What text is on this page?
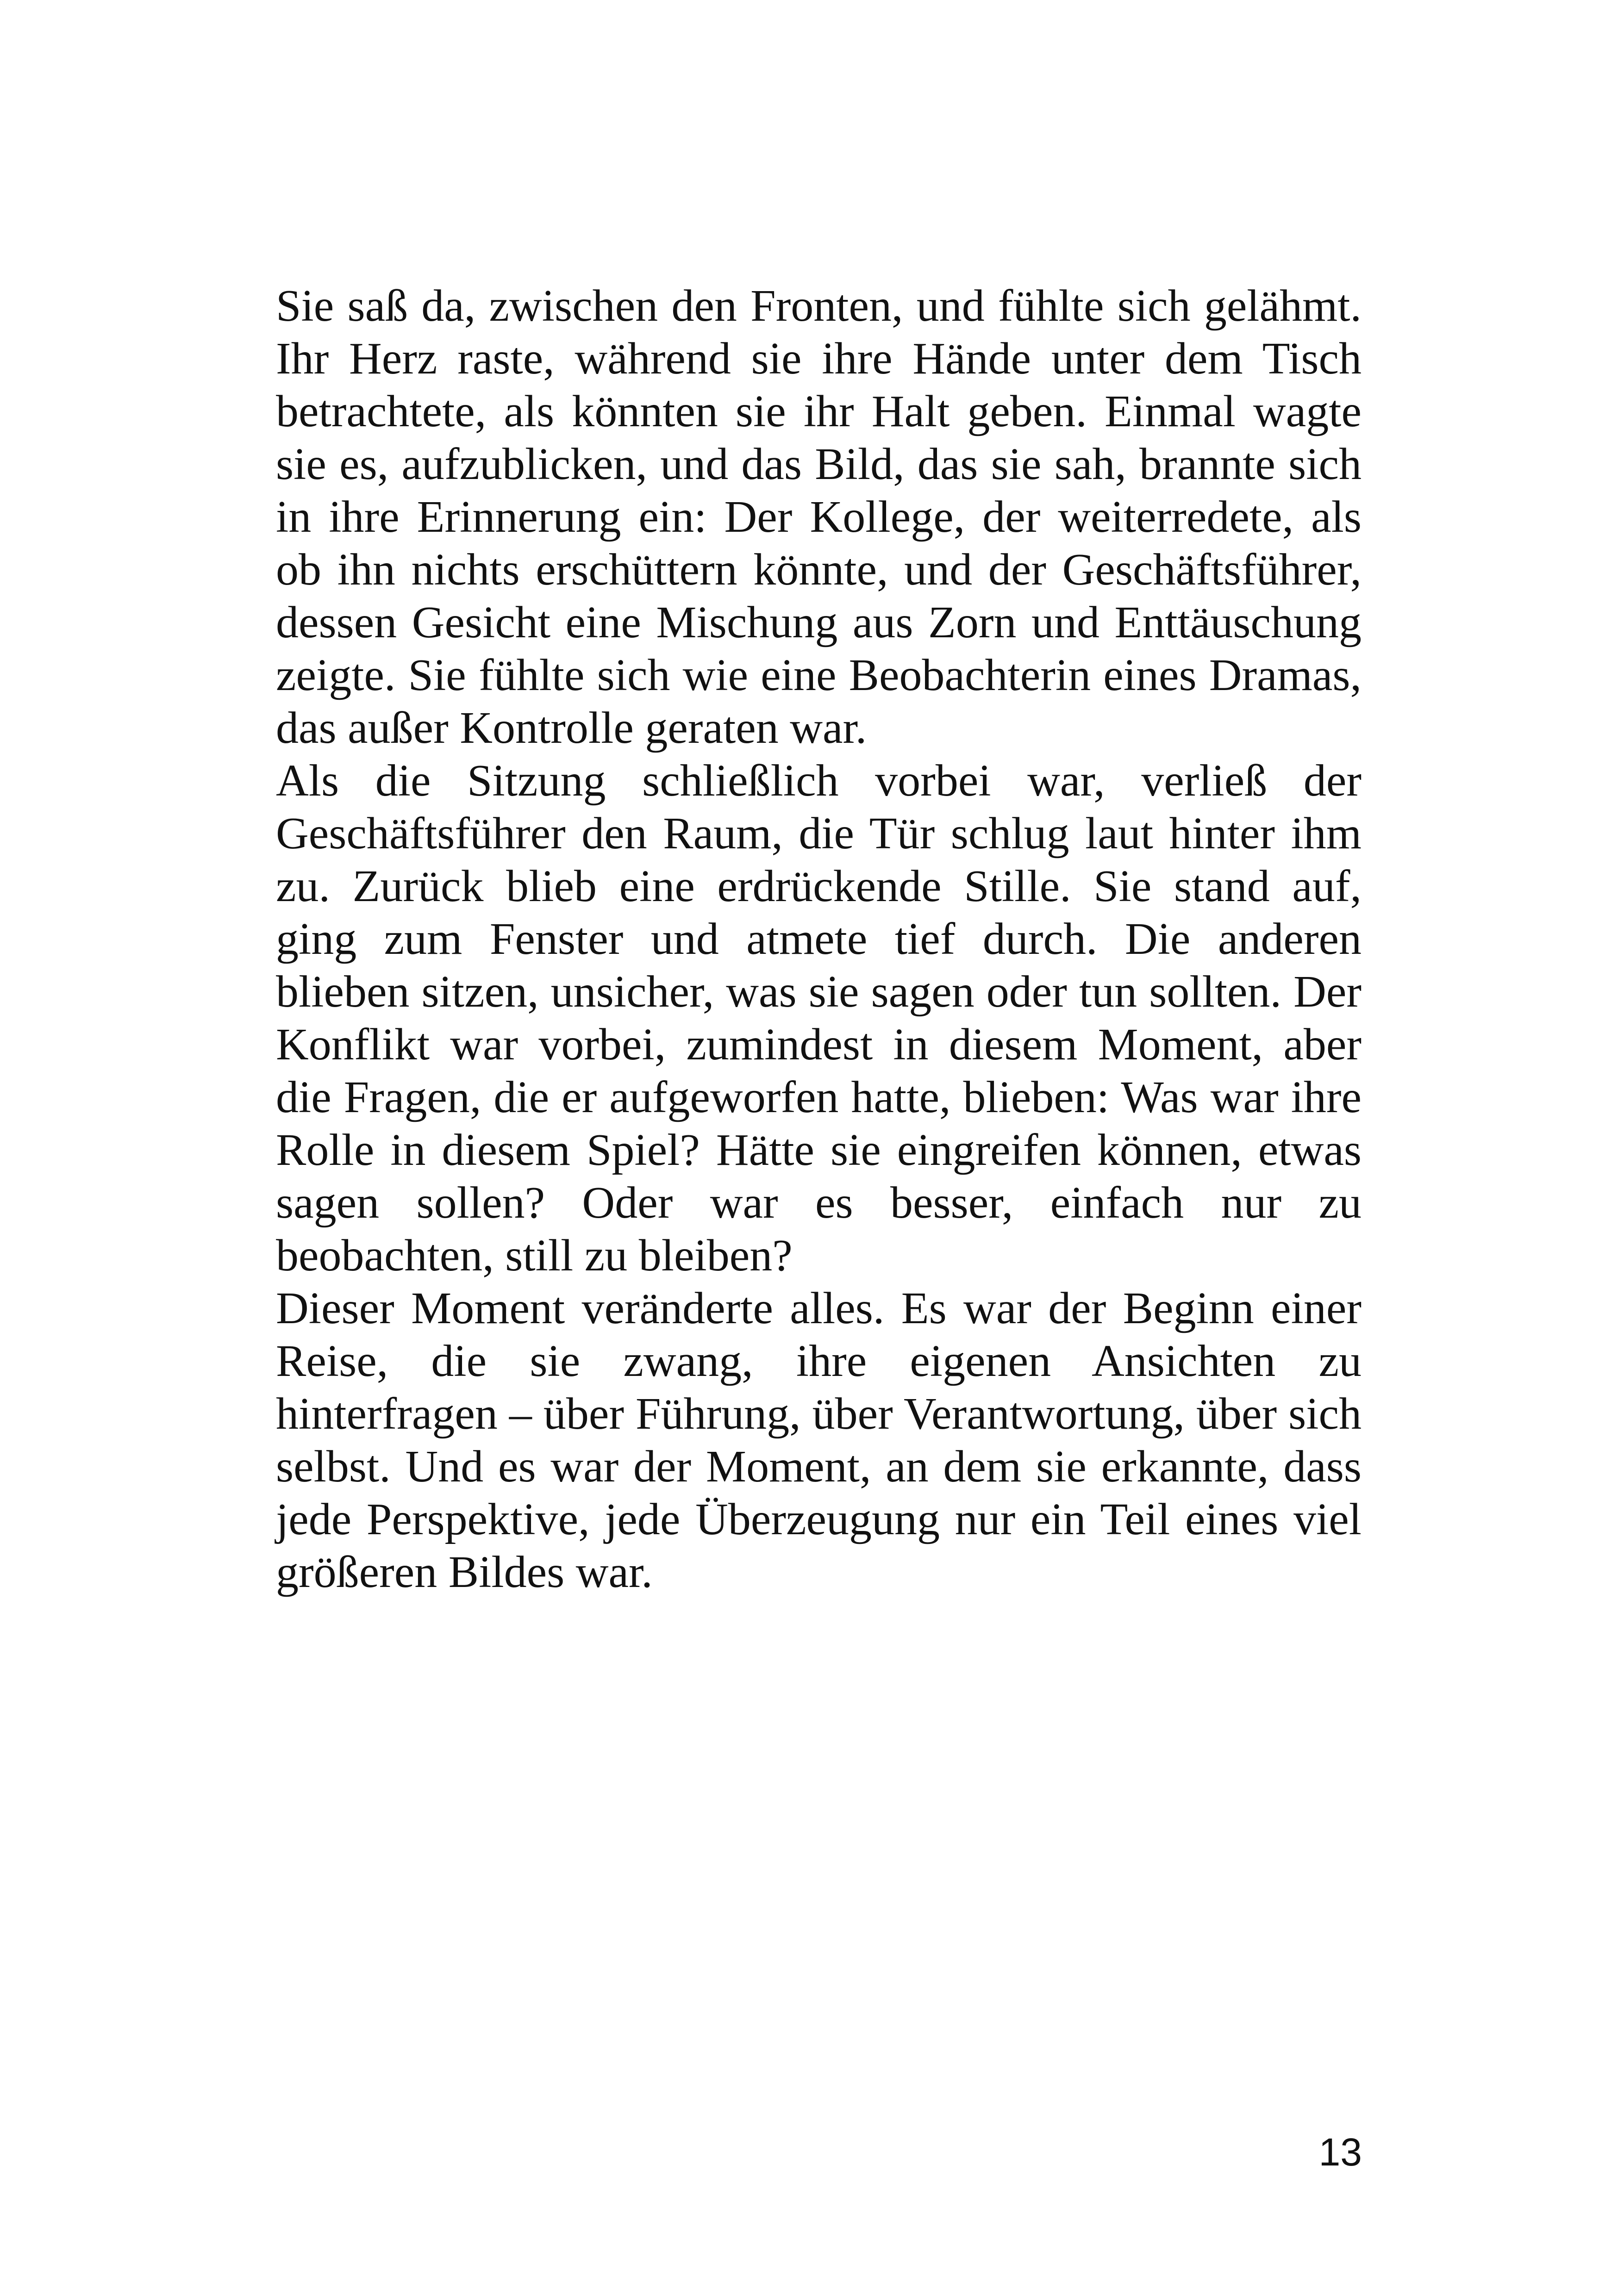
Sie saß da, zwischen den Fronten, und fühlte sich gelähmt. Ihr Herz raste, während sie ihre Hände unter dem Tisch betrachtete, als könnten sie ihr Halt geben. Einmal wagte sie es, aufzublicken, und das Bild, das sie sah, brannte sich in ihre Erinnerung ein: Der Kollege, der weiterredete, als ob ihn nichts erschüttern könnte, und der Geschäftsführer, dessen Gesicht eine Mischung aus Zorn und Enttäuschung zeigte. Sie fühlte sich wie eine Beobachterin eines Dramas, das außer Kontrolle geraten war.

Als die Sitzung schließlich vorbei war, verließ der Geschäftsführer den Raum, die Tür schlug laut hinter ihm zu. Zurück blieb eine erdrückende Stille. Sie stand auf, ging zum Fenster und atmete tief durch. Die anderen blieben sitzen, unsicher, was sie sagen oder tun sollten. Der Konflikt war vorbei, zumindest in diesem Moment, aber die Fragen, die er aufgeworfen hatte, blieben: Was war ihre Rolle in diesem Spiel? Hätte sie eingreifen können, etwas sagen sollen? Oder war es besser, einfach nur zu beobachten, still zu bleiben?

Dieser Moment veränderte alles. Es war der Beginn einer Reise, die sie zwang, ihre eigenen Ansichten zu hinterfragen – über Führung, über Verantwortung, über sich selbst. Und es war der Moment, an dem sie erkannte, dass jede Perspektive, jede Überzeugung nur ein Teil eines viel größeren Bildes war.

13
